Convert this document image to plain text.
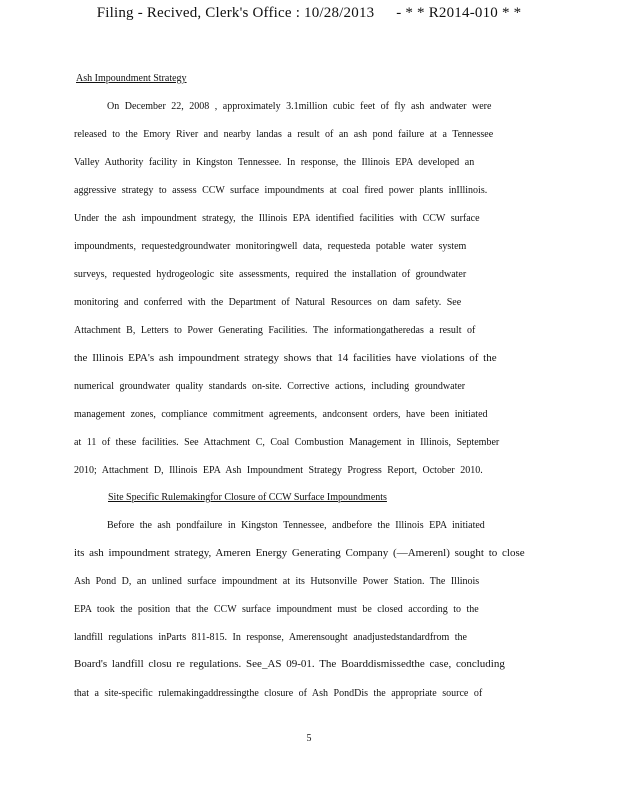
Filing - Recived, Clerk's Office : 10/28/2013 - * * R2014-010 * *
Ash Impoundment Strategy
On December 22, 2008 , approximately 3.1million cubic feet of fly ash andwater were
released to the Emory River and nearby landas a result of an ash pond failure at a Tennessee
Valley Authority facility in Kingston Tennessee. In response, the Illinois EPA developed an
aggressive strategy to assess CCW surface impoundments at coal fired power plants inIllinois.
Under the ash impoundment strategy, the Illinois EPA identified facilities with CCW surface
impoundments, requestedgroundwater monitoringwell data, requesteda potable water system
surveys, requested hydrogeologic site assessments, required the installation of groundwater
monitoring and conferred with the Department of Natural Resources on dam safety. See
Attachment B, Letters to Power Generating Facilities. The informationgatheredas a result of
the Illinois EPA's ash impoundment strategy shows that 14 facilities have violations of the
numerical groundwater quality standards on-site. Corrective actions, including groundwater
management zones, compliance commitment agreements, andconsent orders, have been initiated
at 11 of these facilities. See Attachment C, Coal Combustion Management in Illinois, September
2010; Attachment D, Illinois EPA Ash Impoundment Strategy Progress Report, October 2010.
Site Specific Rulemakingfor Closure of CCW Surface Impoundments
Before the ash pondfailure in Kingston Tennessee, andbefore the Illinois EPA initiated
its ash impoundment strategy, Ameren Energy Generating Company (—Amerenl) sought to close
Ash Pond D, an unlined surface impoundment at its Hutsonville Power Station. The Illinois
EPA took the position that the CCW surface impoundment must be closed according to the
landfill regulations inParts 811-815. In response, Amerensought anadjustedstandardfrom the
Board's landfill closu re regulations. See_AS 09-01. The Boarddismissedthe case, concluding
that a site-specific rulemakingaddressingthe closure of Ash PondDis the appropriate source of
5
